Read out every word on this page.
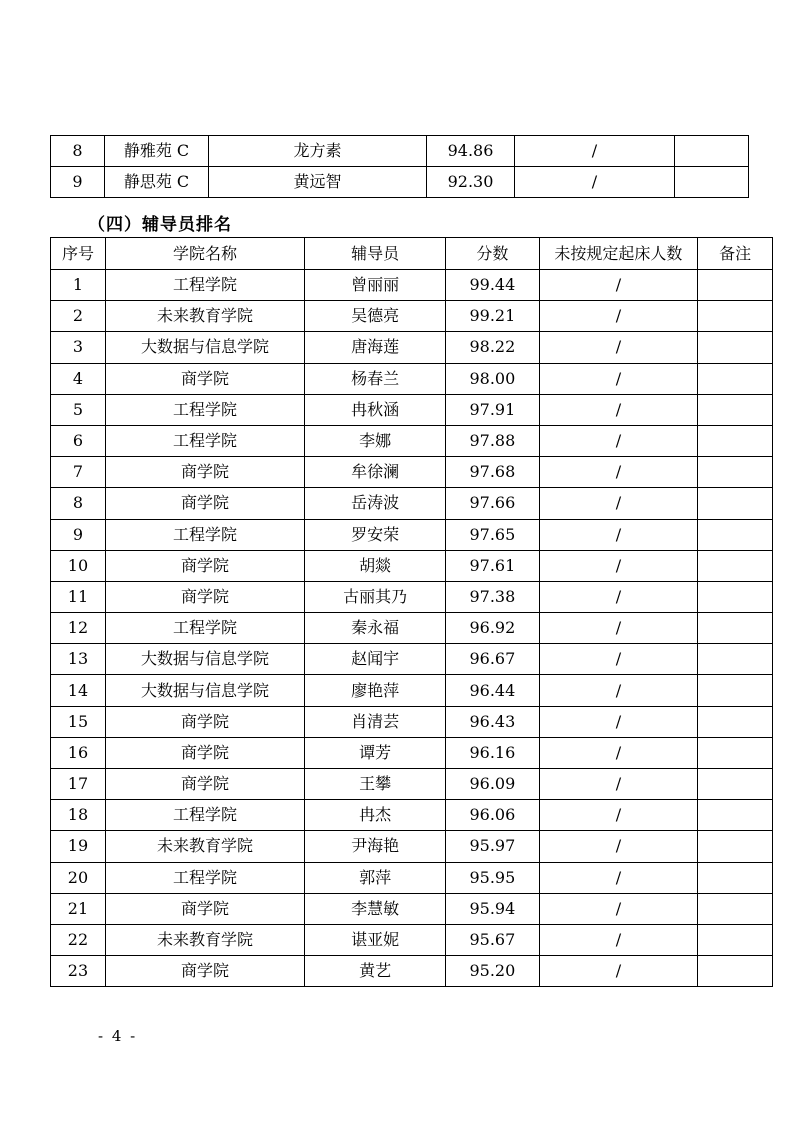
8	静雅苑 C	龙方素	94.86	/	
9	静思苑 C	黄远智	92.30	/	
（四）辅导员排名
序号	学院名称	辅导员	分数	未按规定起床人数	备注
1	工程学院	曾丽丽	99.44	/	
2	未来教育学院	吴德亮	99.21	/	
3	大数据与信息学院	唐海莲	98.22	/	
4	商学院	杨春兰	98.00	/	
5	工程学院	冉秋涵	97.91	/	
6	工程学院	李娜	97.88	/	
7	商学院	牟徐澜	97.68	/	
8	商学院	岳涛波	97.66	/	
9	工程学院	罗安荣	97.65	/	
10	商学院	胡燚	97.61	/	
11	商学院	古丽其乃	97.38	/	
12	工程学院	秦永福	96.92	/	
13	大数据与信息学院	赵闻宇	96.67	/	
14	大数据与信息学院	廖艳萍	96.44	/	
15	商学院	肖清芸	96.43	/	
16	商学院	谭芳	96.16	/	
17	商学院	王攀	96.09	/	
18	工程学院	冉杰	96.06	/	
19	未来教育学院	尹海艳	95.97	/	
20	工程学院	郭萍	95.95	/	
21	商学院	李慧敏	95.94	/	
22	未来教育学院	谌亚妮	95.67	/	
23	商学院	黄艺	95.20	/	
- 4 -
